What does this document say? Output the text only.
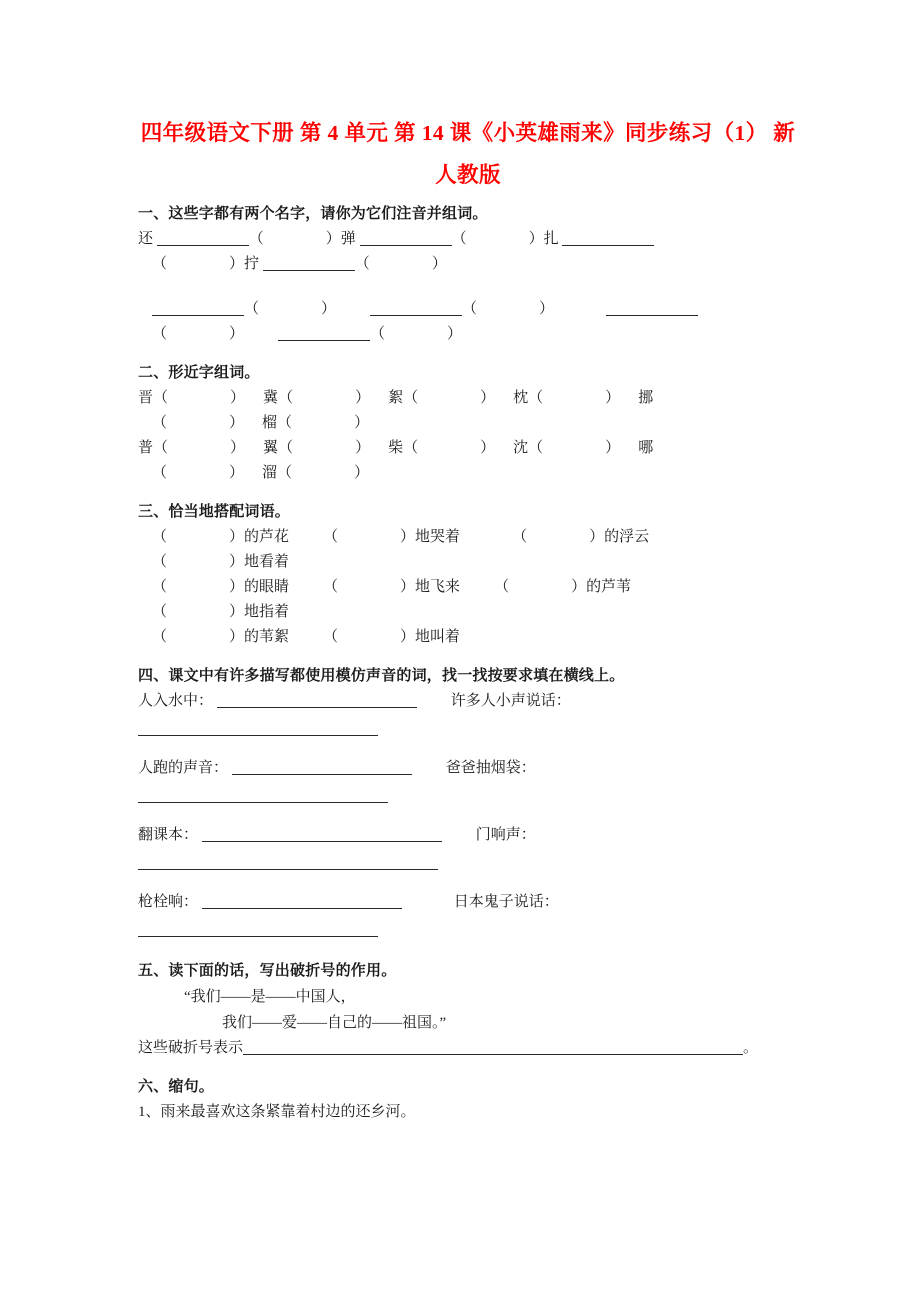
四年级语文下册 第 4 单元 第 14 课《小英雄雨来》同步练习（1） 新
人教版

一、这些字都有两个名字，请你为它们注音并组词。

还	（	）弹	（	）扎

（	）拧	（	）

（	）	（	）

（	）	（	）

二、形近字组词。

晋（	） 冀（	） 絮（	） 枕（	） 挪

（	） 榴（	）

普（	） 翼（	） 柴（	） 沈（	） 哪

（	） 溜（	）

三、恰当地搭配词语。

（	）的芦花 （	）地哭着	（	）的浮云

（	）地看着

（	）的眼睛 （	）地飞来 （	）的芦苇

（	）地指着

（	）的苇絮 （	）地叫着

四、课文中有许多描写都使用模仿声音的词，找一找按要求填在横线上。

人入水中：	许多人小声说话：

人跑的声音：	爸爸抽烟袋：

翻课本：	门响声：

枪栓响：	日本鬼子说话：

五、读下面的话，写出破折号的作用。

“我们——是——中国人，

我们——爱——自己的——祖国。”

这些破折号表示	。

六、缩句。

1、雨来最喜欢这条紧靠着村边的还乡河。
